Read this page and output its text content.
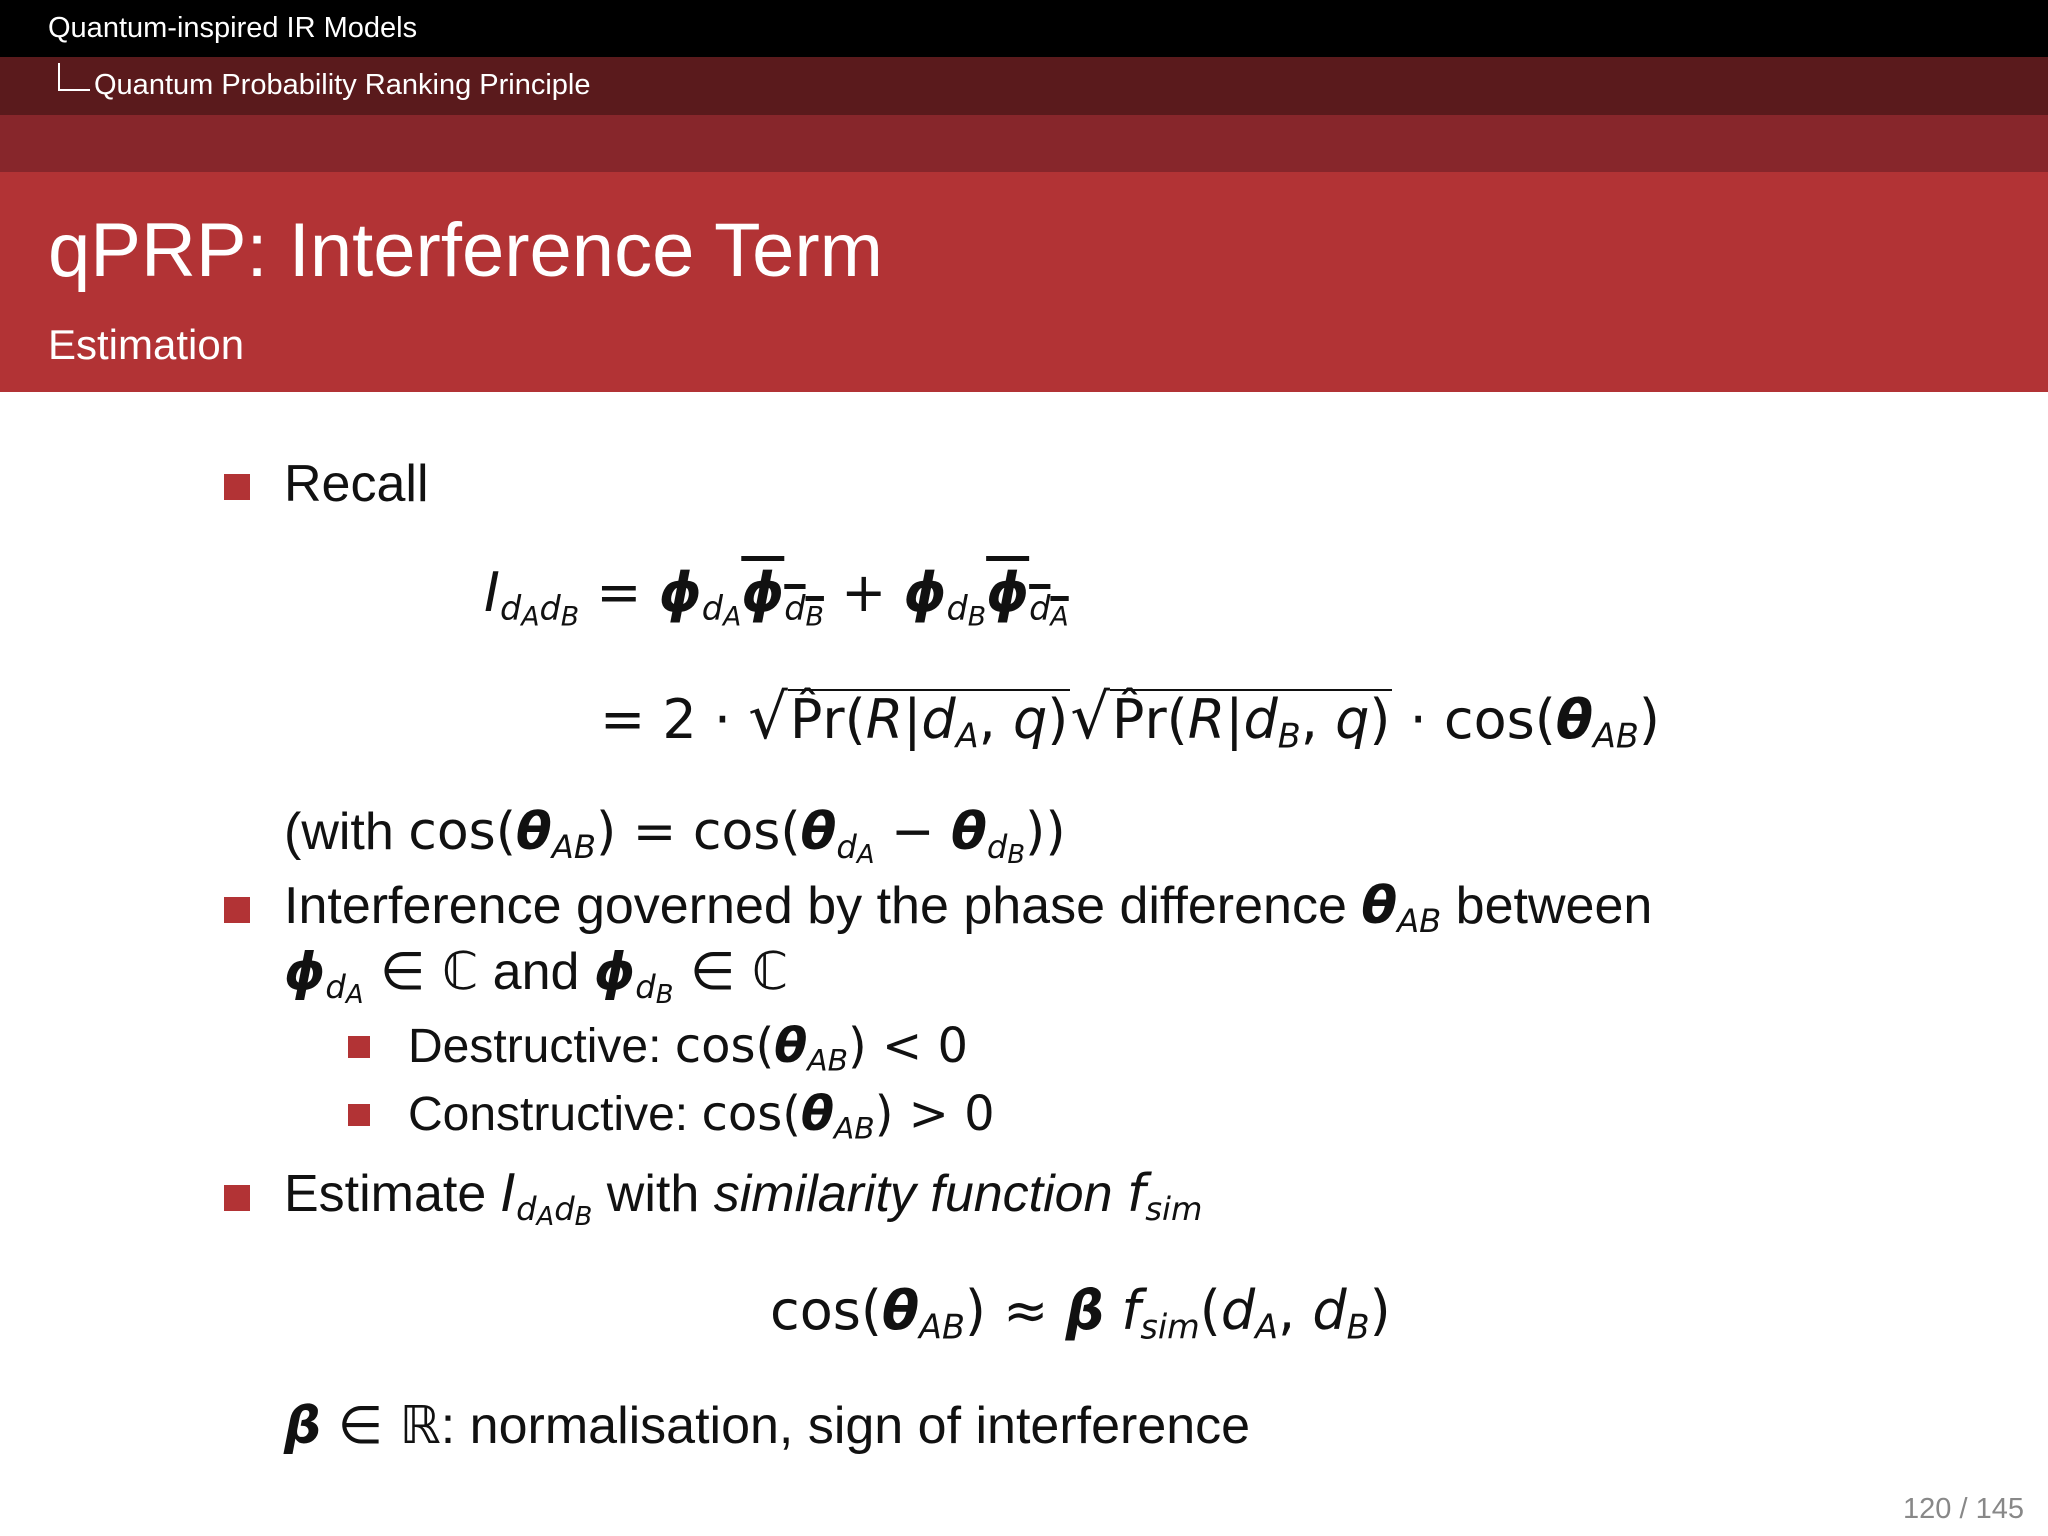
Quantum-inspired IR Models
Quantum Probability Ranking Principle
qPRP: Interference Term
Estimation
Recall
$I_{d_Ad_B} = \phi_{d_A}\phi_{d_B} + \phi_{d_B}\phi_{d_A}$
= $2 \cdot √P̂r(R|d_A$, $q)√P̂r(R|d_B$, $q) \cdot \cos(\theta_{AB})$
(with $\cos(\theta_{AB}) = \cos(\theta_{d_A} - \theta_{d_B})$)
Interference governed by the phase difference $\theta_{AB}$ between
$\phi_{d_A}$ ∈ ℂ and $\phi_{d_B}$ ∈ ℂ
Destructive: $\cos(\theta_{AB}) < 0$
Constructive: $\cos(\theta_{AB}) > 0$
Estimate $I_{d_Ad_B}$ with similarity function $f_{sim}$
$\cos(\theta_{AB}) \approx \beta$ $f_{sim}(d_A$, $d_B$)
β ∈ ℝ: normalisation, sign of interference
120 / 145
